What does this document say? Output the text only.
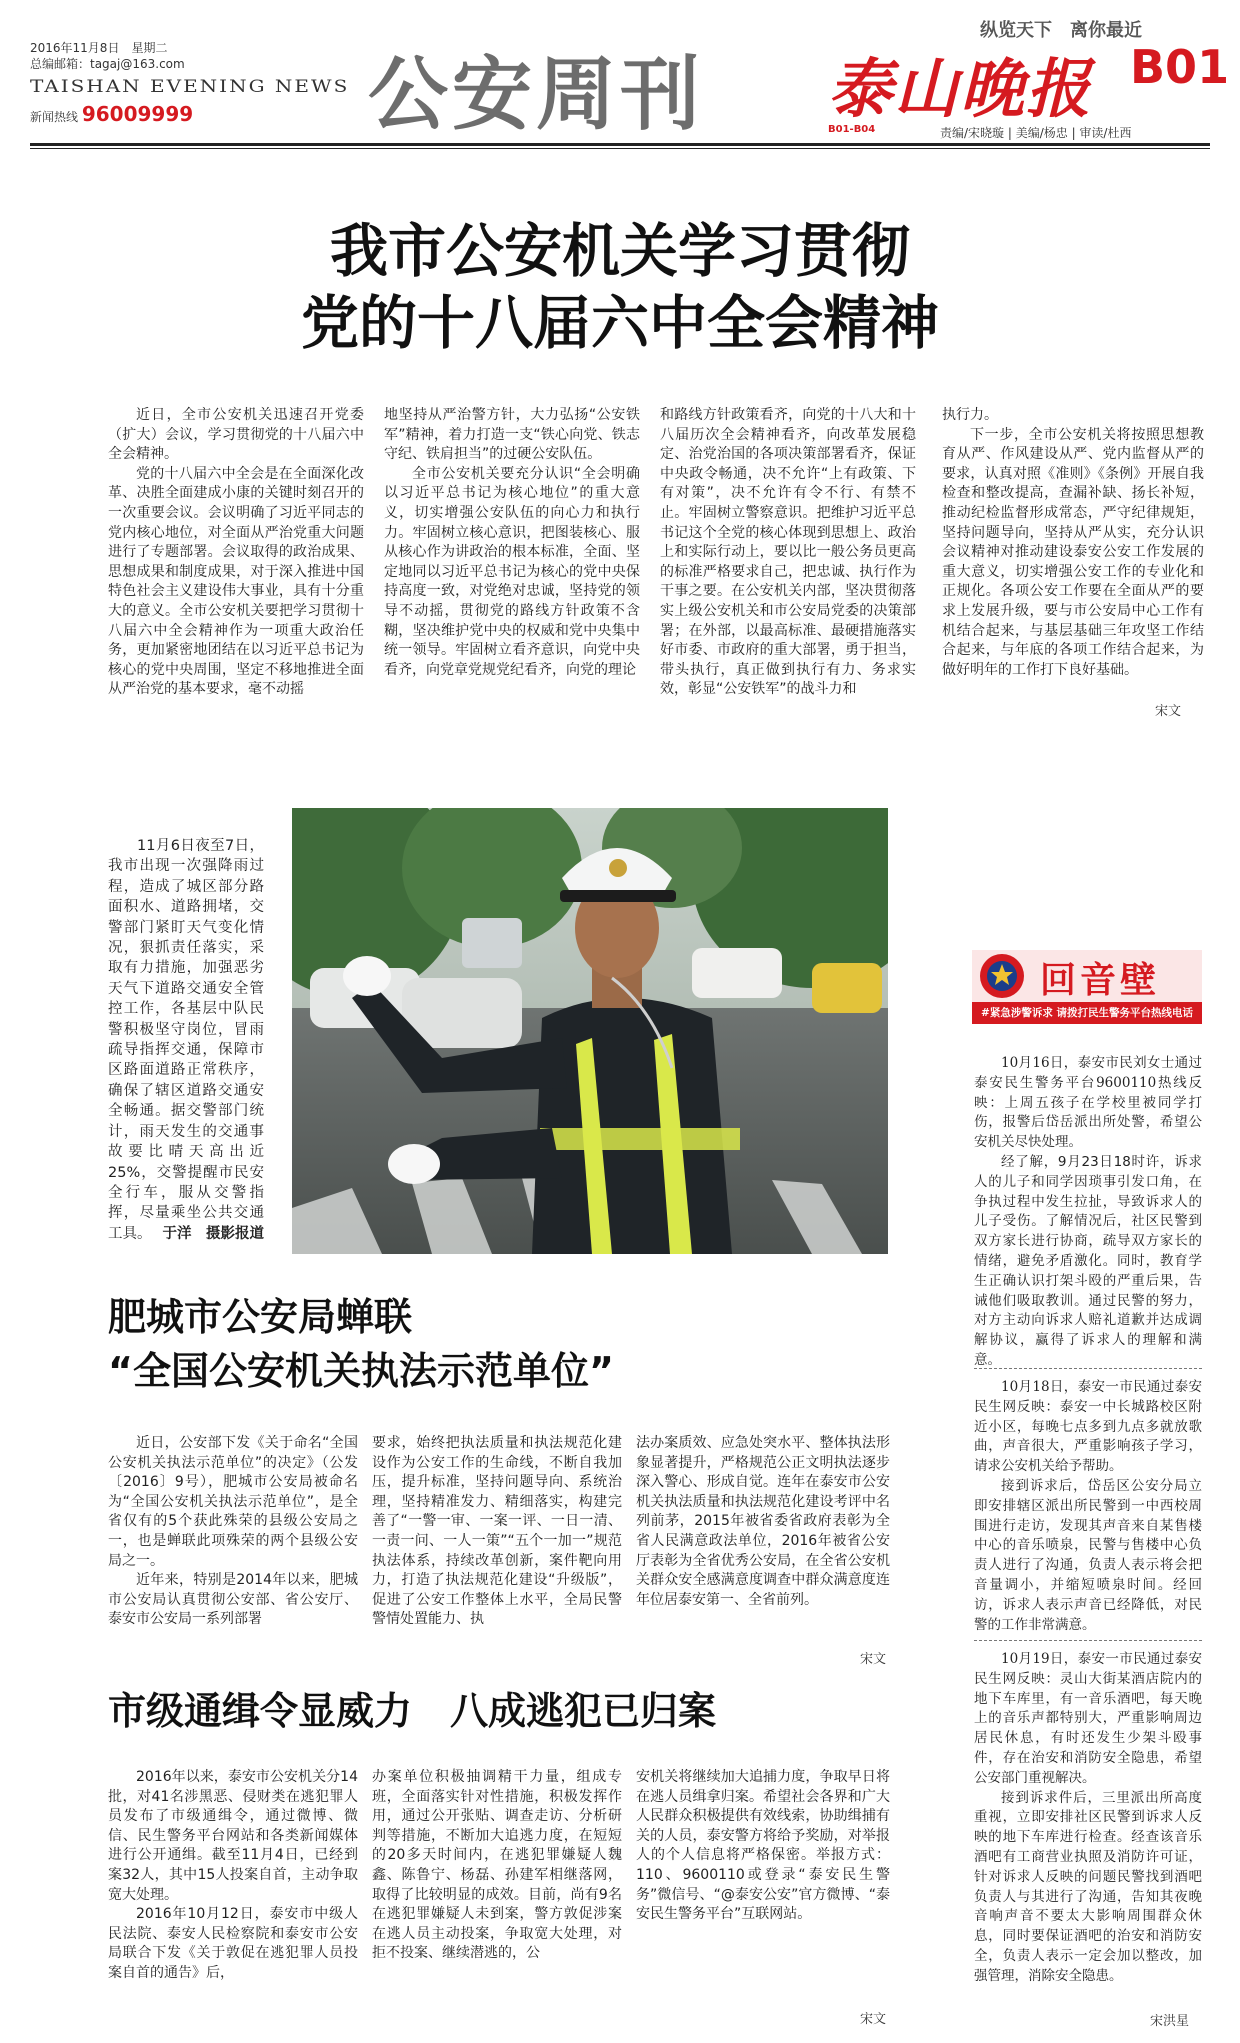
2016年11月8日　星期二
总编邮箱：tagaj@163.com
TAISHAN EVENING NEWS
新闻热线 96009999 公安周刊
纵览天下　离你最近
泰山晚报 B01
B01-B04	责编/宋晓璇 | 美编/杨忠 | 审读/杜西
我市公安机关学习贯彻
党的十八届六中全会精神

近日，全市公安机关迅速召开党委（扩大）会议，学习贯彻党的十八届六中全会精神。

党的十八届六中全会是在全面深化改革、决胜全面建成小康的关键时刻召开的一次重要会议。会议明确了习近平同志的党内核心地位，对全面从严治党重大问题进行了专题部署。会议取得的政治成果、思想成果和制度成果，对于深入推进中国特色社会主义建设伟大事业，具有十分重大的意义。全市公安机关要把学习贯彻十八届六中全会精神作为一项重大政治任务，更加紧密地团结在以习近平总书记为核心的党中央周围，坚定不移地推进全面从严治党的基本要求，毫不动摇

地坚持从严治警方针，大力弘扬“公安铁军”精神，着力打造一支“铁心向党、铁志守纪、铁肩担当”的过硬公安队伍。

全市公安机关要充分认识“全会明确以习近平总书记为核心地位”的重大意义，切实增强公安队伍的向心力和执行力。牢固树立核心意识，把图装核心、服从核心作为讲政治的根本标准，全面、坚定地同以习近平总书记为核心的党中央保持高度一致，对党绝对忠诚，坚持党的领导不动摇，贯彻党的路线方针政策不含糊，坚决维护党中央的权威和党中央集中统一领导。牢固树立看齐意识，向党中央看齐，向党章党规党纪看齐，向党的理论

和路线方针政策看齐，向党的十八大和十八届历次全会精神看齐，向改革发展稳定、治党治国的各项决策部署看齐，保证中央政令畅通，决不允许“上有政策、下有对策”，决不允许有令不行、有禁不止。牢固树立警察意识。把维护习近平总书记这个全党的核心体现到思想上、政治上和实际行动上，要以比一般公务员更高的标准严格要求自己，把忠诚、执行作为干事之要。在公安机关内部，坚决贯彻落实上级公安机关和市公安局党委的决策部署；在外部，以最高标准、最硬措施落实好市委、市政府的重大部署，勇于担当，带头执行，真正做到执行有力、务求实效，彰显“公安铁军”的战斗力和

执行力。

下一步，全市公安机关将按照思想教育从严、作风建设从严、党内监督从严的要求，认真对照《准则》《条例》开展自我检查和整改提高，查漏补缺、扬长补短，推动纪检监督形成常态，严守纪律规矩，坚持问题导向，坚持从严从实，充分认识会议精神对推动建设泰安公安工作发展的重大意义，切实增强公安工作的专业化和正规化。各项公安工作要在全面从严的要求上发展升级，要与市公安局中心工作有机结合起来，与基层基础三年攻坚工作结合起来，与年底的各项工作结合起来，为做好明年的工作打下良好基础。

宋文

11月6日夜至7日，我市出现一次强降雨过程，造成了城区部分路面积水、道路拥堵，交警部门紧盯天气变化情况，狠抓责任落实，采取有力措施，加强恶劣天气下道路交通安全管控工作，各基层中队民警积极坚守岗位，冒雨疏导指挥交通，保障市区路面道路正常秩序，确保了辖区道路交通安全畅通。据交警部门统计，雨天发生的交通事故要比晴天高出近25%，交警提醒市民安全行车，服从交警指挥，尽量乘坐公共交通工具。 于洋　摄影报道
肥城市公安局蝉联
“全国公安机关执法示范单位”

近日，公安部下发《关于命名“全国公安机关执法示范单位”的决定》（公发〔2016〕9号），肥城市公安局被命名为“全国公安机关执法示范单位”，是全省仅有的5个获此殊荣的县级公安局之一，也是蝉联此项殊荣的两个县级公安局之一。

近年来，特别是2014年以来，肥城市公安局认真贯彻公安部、省公安厅、泰安市公安局一系列部署

要求，始终把执法质量和执法规范化建设作为公安工作的生命线，不断自我加压，提升标准，坚持问题导向、系统治理，坚持精准发力、精细落实，构建完善了“一警一审、一案一评、一日一清、一责一问、一人一策”“五个一加一”规范执法体系，持续改革创新，案件靶向用力，打造了执法规范化建设“升级版”，促进了公安工作整体上水平，全局民警警情处置能力、执

法办案质效、应急处突水平、整体执法形象显著提升，严格规范公正文明执法逐步深入警心、形成自觉。连年在泰安市公安机关执法质量和执法规范化建设考评中名列前茅，2015年被省委省政府表彰为全省人民满意政法单位，2016年被省公安厅表彰为全省优秀公安局，在全省公安机关群众安全感满意度调查中群众满意度连年位居泰安第一、全省前列。

宋文
市级通缉令显威力　八成逃犯已归案

2016年以来，泰安市公安机关分14批，对41名涉黑恶、侵财类在逃犯罪人员发布了市级通缉令，通过微博、微信、民生警务平台网站和各类新闻媒体进行公开通缉。截至11月4日，已经到案32人，其中15人投案自首，主动争取宽大处理。

2016年10月12日，泰安市中级人民法院、泰安人民检察院和泰安市公安局联合下发《关于敦促在逃犯罪人员投案自首的通告》后，

办案单位积极抽调精干力量，组成专班，全面落实针对性措施，积极发挥作用，通过公开张贴、调查走访、分析研判等措施，不断加大追逃力度，在短短的20多天时间内，在逃犯罪嫌疑人魏鑫、陈鲁宁、杨磊、孙建军相继落网，取得了比较明显的成效。目前，尚有9名在逃犯罪嫌疑人未到案，警方敦促涉案在逃人员主动投案，争取宽大处理，对拒不投案、继续潜逃的，公

安机关将继续加大追捕力度，争取早日将在逃人员缉拿归案。希望社会各界和广大人民群众积极提供有效线索，协助缉捕有关的人员，泰安警方将给予奖励，对举报人的个人信息将严格保密。举报方式：110、9600110或登录“泰安民生警务”微信号、“@泰安公安”官方微博、“泰安民生警务平台”互联网站。

宋文
回音壁
#紧急涉警诉求 请拨打民生警务平台热线电话 9600110

10月16日，泰安市民刘女士通过泰安民生警务平台9600110热线反映：上周五孩子在学校里被同学打伤，报警后岱岳派出所处警，希望公安机关尽快处理。

经了解，9月23日18时许，诉求人的儿子和同学因琐事引发口角，在争执过程中发生拉扯，导致诉求人的儿子受伤。了解情况后，社区民警到双方家长进行协商，疏导双方家长的情绪，避免矛盾激化。同时，教育学生正确认识打架斗殴的严重后果，告诫他们吸取教训。通过民警的努力，对方主动向诉求人赔礼道歉并达成调解协议，赢得了诉求人的理解和满意。

10月18日，泰安一市民通过泰安民生网反映：泰安一中长城路校区附近小区，每晚七点多到九点多就放歌曲，声音很大，严重影响孩子学习，请求公安机关给予帮助。

接到诉求后，岱岳区公安分局立即安排辖区派出所民警到一中西校周围进行走访，发现其声音来自某售楼中心的音乐喷泉，民警与售楼中心负责人进行了沟通，负责人表示将会把音量调小，并缩短喷泉时间。经回访，诉求人表示声音已经降低，对民警的工作非常满意。

10月19日，泰安一市民通过泰安民生网反映：灵山大街某酒店院内的地下车库里，有一音乐酒吧，每天晚上的音乐声都特别大，严重影响周边居民休息，有时还发生少架斗殴事件，存在治安和消防安全隐患，希望公安部门重视解决。

接到诉求件后，三里派出所高度重视，立即安排社区民警到诉求人反映的地下车库进行检查。经查该音乐酒吧有工商营业执照及消防许可证，针对诉求人反映的问题民警找到酒吧负责人与其进行了沟通，告知其夜晚音响声音不要太大影响周围群众休息，同时要保证酒吧的治安和消防安全，负责人表示一定会加以整改，加强管理，消除安全隐患。

宋洪星
